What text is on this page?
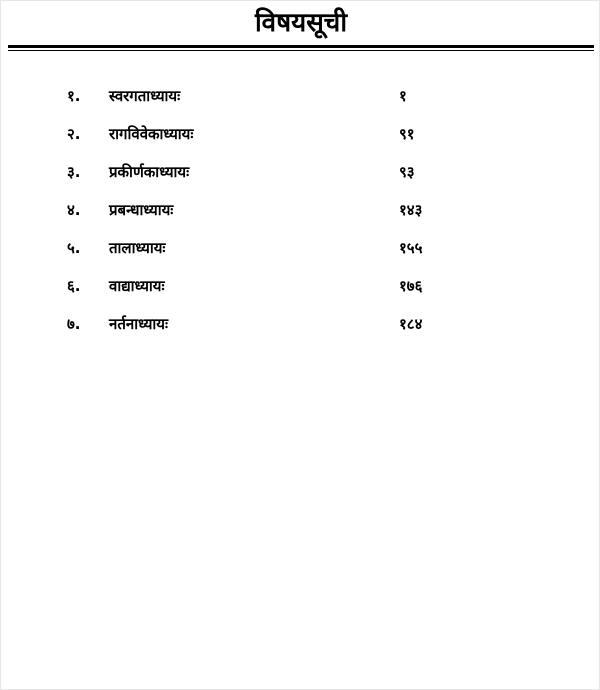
विषयसूची
१. स्वरगताध्यायः	१
२. रागविवेकाध्यायः	९१
३. प्रकीर्णकाध्यायः	९३
४. प्रबन्धाध्यायः	१४३
५. तालाध्यायः	१५५
६. वाद्याध्यायः	१७६
७. नर्तनाध्यायः	१८४
